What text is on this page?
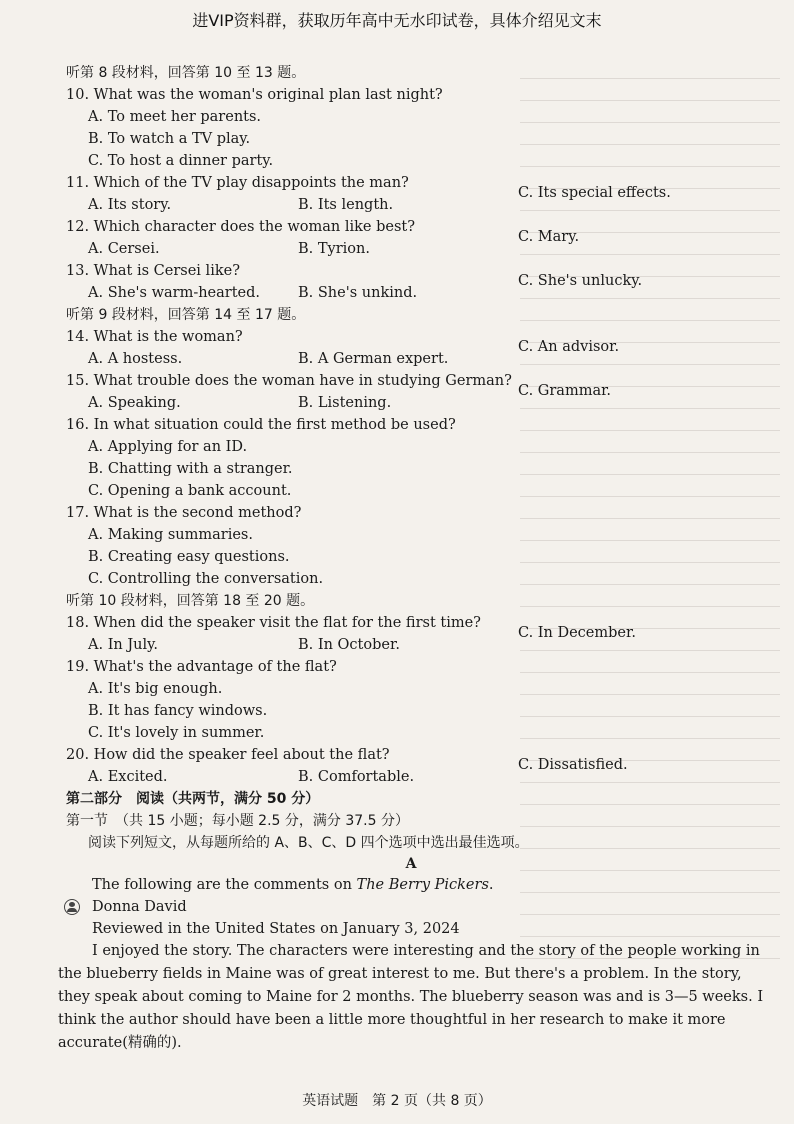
进VIP资料群，获取历年高中无水印试卷，具体介绍见文末
听第 8 段材料，回答第 10 至 13 题。
10. What was the woman's original plan last night?
A. To meet her parents.
B. To watch a TV play.
C. To host a dinner party.
11. Which of the TV play disappoints the man?
A. Its story.	B. Its length.
C. Its special effects.
12. Which character does the woman like best?
A. Cersei.	B. Tyrion.
C. Mary.
13. What is Cersei like?
A. She's warm-hearted.	B. She's unkind.
C. She's unlucky.
听第 9 段材料，回答第 14 至 17 题。
14. What is the woman?
A. A hostess.	B. A German expert.
C. An advisor.
15. What trouble does the woman have in studying German?
A. Speaking.	B. Listening.
C. Grammar.
16. In what situation could the first method be used?
A. Applying for an ID.
B. Chatting with a stranger.
C. Opening a bank account.
17. What is the second method?
A. Making summaries.
B. Creating easy questions.
C. Controlling the conversation.
听第 10 段材料，回答第 18 至 20 题。
18. When did the speaker visit the flat for the first time?
A. In July.	B. In October.
C. In December.
19. What's the advantage of the flat?
A. It's big enough.
B. It has fancy windows.
C. It's lovely in summer.
20. How did the speaker feel about the flat?
A. Excited.	B. Comfortable.
C. Dissatisfied.
第二部分　阅读（共两节，满分 50 分）
第一节　（共 15 小题；每小题 2.5 分，满分 37.5 分）
阅读下列短文，从每题所给的 A、B、C、D 四个选项中选出最佳选项。
A
The following are the comments on The Berry Pickers.
Donna David
Reviewed in the United States on January 3, 2024
I enjoyed the story. The characters were interesting and the story of the people working in
the blueberry fields in Maine was of great interest to me. But there's a problem. In the story,
they speak about coming to Maine for 2 months. The blueberry season was and is 3—5 weeks. I
think the author should have been a little more thoughtful in her research to make it more
accurate(精确的).
英语试题　第 2 页（共 8 页）
